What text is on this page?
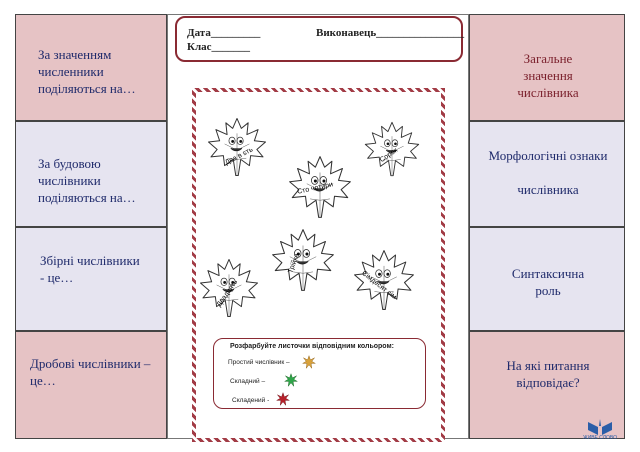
За значенням
численники
поділяються на…
За будовою числівники
поділяються на…
Збірні числівники
- це…
Дробові числівники –
це…
Загальне
значення
числівника
Морфологічні ознаки

числівника
Синтаксична
роль
На які питання
відповідає?
Дата_________	Виконавець________________
Клас_______
Два в sть
Сто чотири
Сорок
Двадцять
Трійка
Сімдесят сім
Розфарбуйте листочки відповідним кольором:
Простий числівник –
Складний –
Складений -
ЖИВЕ СЛОВО
